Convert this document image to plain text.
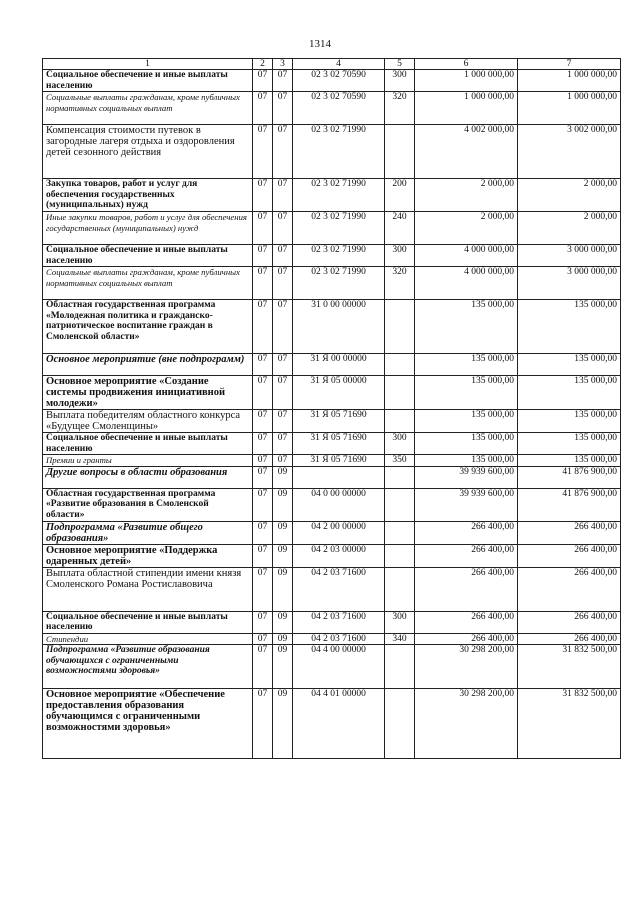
1314
1	2	3	4	5	6	7
Социальное обеспечение и иные выплаты населению	07	07	02 3 02 70590	300	1 000 000,00	1 000 000,00
Социальные выплаты гражданам, кроме публичных нормативных социальных выплат	07	07	02 3 02 70590	320	1 000 000,00	1 000 000,00
Компенсация стоимости путевок в загородные лагеря отдыха и оздоровления детей сезонного действия	07	07	02 3 02 71990		4 002 000,00	3 002 000,00
Закупка товаров, работ и услуг для обеспечения государственных (муниципальных) нужд	07	07	02 3 02 71990	200	2 000,00	2 000,00
Иные закупки товаров, работ и услуг для обеспечения государственных (муниципальных) нужд	07	07	02 3 02 71990	240	2 000,00	2 000,00
Социальное обеспечение и иные выплаты населению	07	07	02 3 02 71990	300	4 000 000,00	3 000 000,00
Социальные выплаты гражданам, кроме публичных нормативных социальных выплат	07	07	02 3 02 71990	320	4 000 000,00	3 000 000,00
Областная государственная программа «Молодежная политика и гражданско-патриотическое воспитание граждан в Смоленской области»	07	07	31 0 00 00000		135 000,00	135 000,00
Основное мероприятие (вне подпрограмм)	07	07	31 Я 00 00000		135 000,00	135 000,00
Основное мероприятие «Создание системы продвижения инициативной молодежи»	07	07	31 Я 05 00000		135 000,00	135 000,00
Выплата победителям областного конкурса «Будущее Смоленщины»	07	07	31 Я 05 71690		135 000,00	135 000,00
Социальное обеспечение и иные выплаты населению	07	07	31 Я 05 71690	300	135 000,00	135 000,00
Премии и гранты	07	07	31 Я 05 71690	350	135 000,00	135 000,00
Другие вопросы в области образования	07	09			39 939 600,00	41 876 900,00
Областная государственная программа «Развитие образования в Смоленской области»	07	09	04 0 00 00000		39 939 600,00	41 876 900,00
Подпрограмма «Развитие общего образования»	07	09	04 2 00 00000		266 400,00	266 400,00
Основное мероприятие «Поддержка одаренных детей»	07	09	04 2 03 00000		266 400,00	266 400,00
Выплата областной стипендии имени князя Смоленского Романа Ростиславовича	07	09	04 2 03 71600		266 400,00	266 400,00
Социальное обеспечение и иные выплаты населению	07	09	04 2 03 71600	300	266 400,00	266 400,00
Стипендии	07	09	04 2 03 71600	340	266 400,00	266 400,00
Подпрограмма «Развитие образования обучающихся с ограниченными возможностями здоровья»	07	09	04 4 00 00000		30 298 200,00	31 832 500,00
Основное мероприятие «Обеспечение предоставления образования обучающимся с ограниченными возможностями здоровья»	07	09	04 4 01 00000		30 298 200,00	31 832 500,00
